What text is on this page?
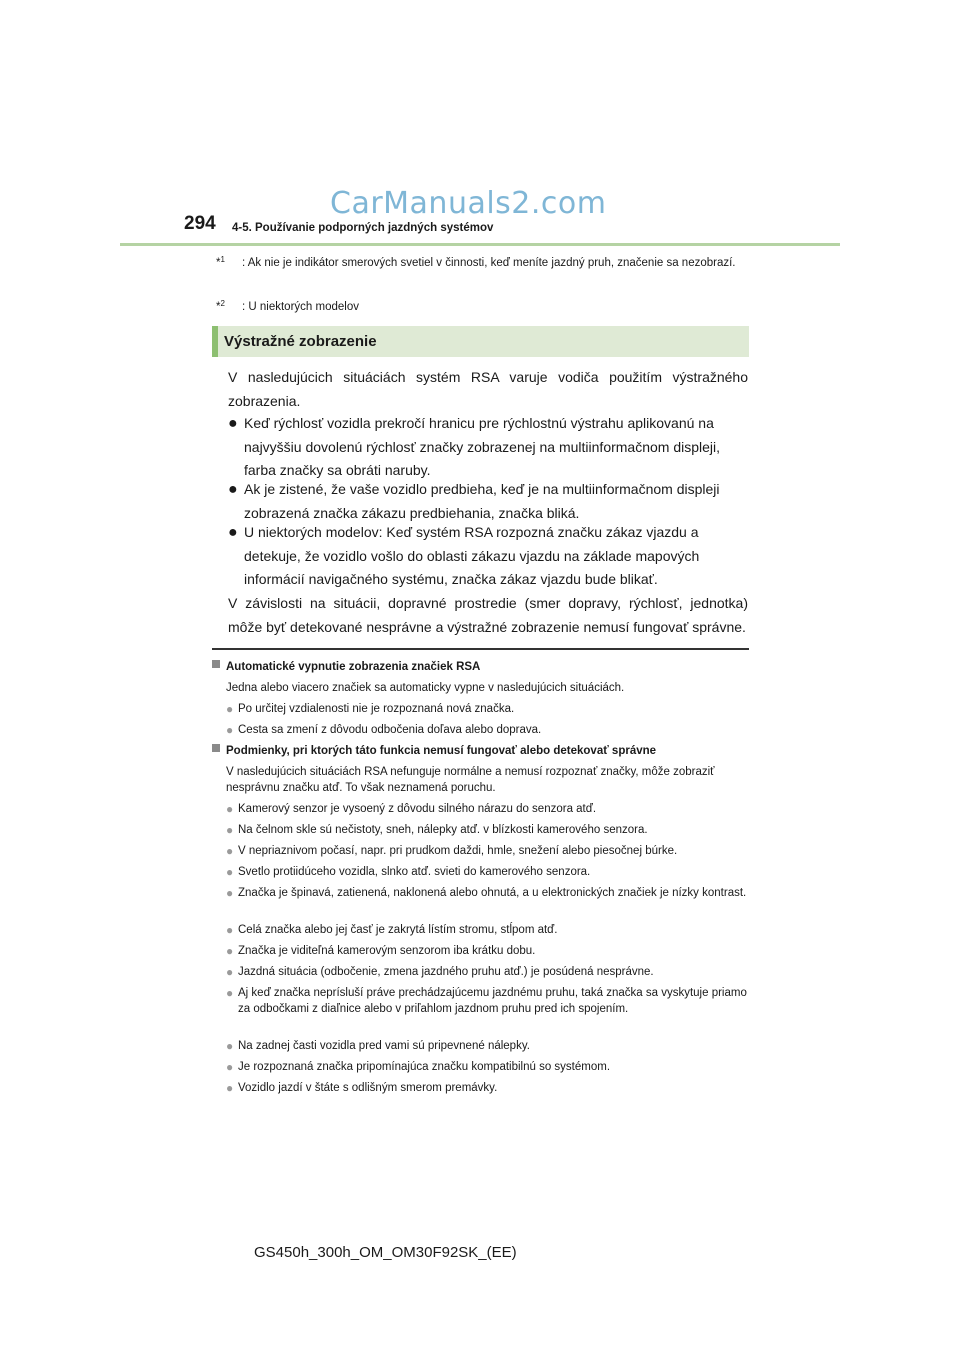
CarManuals2.com
294 4-5. Používanie podporných jazdných systémov
*$^1$ : Ak nie je indikátor smerových svetiel v činnosti, keď meníte jazdný pruh, značenie sa nezobrazí.
*$^2$ : U niektorých modelov
Výstražné zobrazenie
V nasledujúcich situáciách systém RSA varuje vodiča použitím výstražného zobrazenia.
● Keď rýchlosť vozidla prekročí hranicu pre rýchlostnú výstrahu aplikovanú na najvyššiu dovolenú rýchlosť značky zobrazenej na multiinformačnom displeji, farba značky sa obráti naruby.
● Ak je zistené, že vaše vozidlo predbieha, keď je na multiinformačnom displeji zobrazená značka zákazu predbiehania, značka bliká.
● U niektorých modelov: Keď systém RSA rozpozná značku zákaz vjazdu a detekuje, že vozidlo vošlo do oblasti zákazu vjazdu na základe mapových informácií navigačného systému, značka zákaz vjazdu bude blikať.
V závislosti na situácii, dopravné prostredie (smer dopravy, rýchlosť, jednotka) môže byť detekované nesprávne a výstražné zobrazenie nemusí fungovať správne.
Automatické vypnutie zobrazenia značiek RSA
Jedna alebo viacero značiek sa automaticky vypne v nasledujúcich situáciách.
● Po určitej vzdialenosti nie je rozpoznaná nová značka.
● Cesta sa zmení z dôvodu odbočenia doľava alebo doprava.
Podmienky, pri ktorých táto funkcia nemusí fungovať alebo detekovať správne
V nasledujúcich situáciách RSA nefunguje normálne a nemusí rozpoznať značky, môže zobraziť nesprávnu značku atď. To však neznamená poruchu.
● Kamerový senzor je vysoený z dôvodu silného nárazu do senzora atď.
● Na čelnom skle sú nečistoty, sneh, nálepky atď. v blízkosti kamerového senzora.
● V nepriaznivom počasí, napr. pri prudkom daždi, hmle, snežení alebo piesočnej búrke.
● Svetlo protiidúceho vozidla, slnko atď. svieti do kamerového senzora.
● Značka je špinavá, zatienená, naklonená alebo ohnutá, a u elektronických značiek je nízky kontrast.
● Celá značka alebo jej časť je zakrytá lístím stromu, stĺpom atď.
● Značka je viditeľná kamerovým senzorom iba krátku dobu.
● Jazdná situácia (odbočenie, zmena jazdného pruhu atď.) je posúdená nesprávne.
● Aj keď značka neprísluší práve prechádzajúcemu jazdnému pruhu, taká značka sa vyskytuje priamo za odbočkami z diaľnice alebo v priľahlom jazdnom pruhu pred ich spojením.
● Na zadnej časti vozidla pred vami sú pripevnené nálepky.
● Je rozpoznaná značka pripomínajúca značku kompatibilnú so systémom.
● Vozidlo jazdí v štáte s odlišným smerom premávky.
GS450h_300h_OM_OM30F92SK_(EE)
